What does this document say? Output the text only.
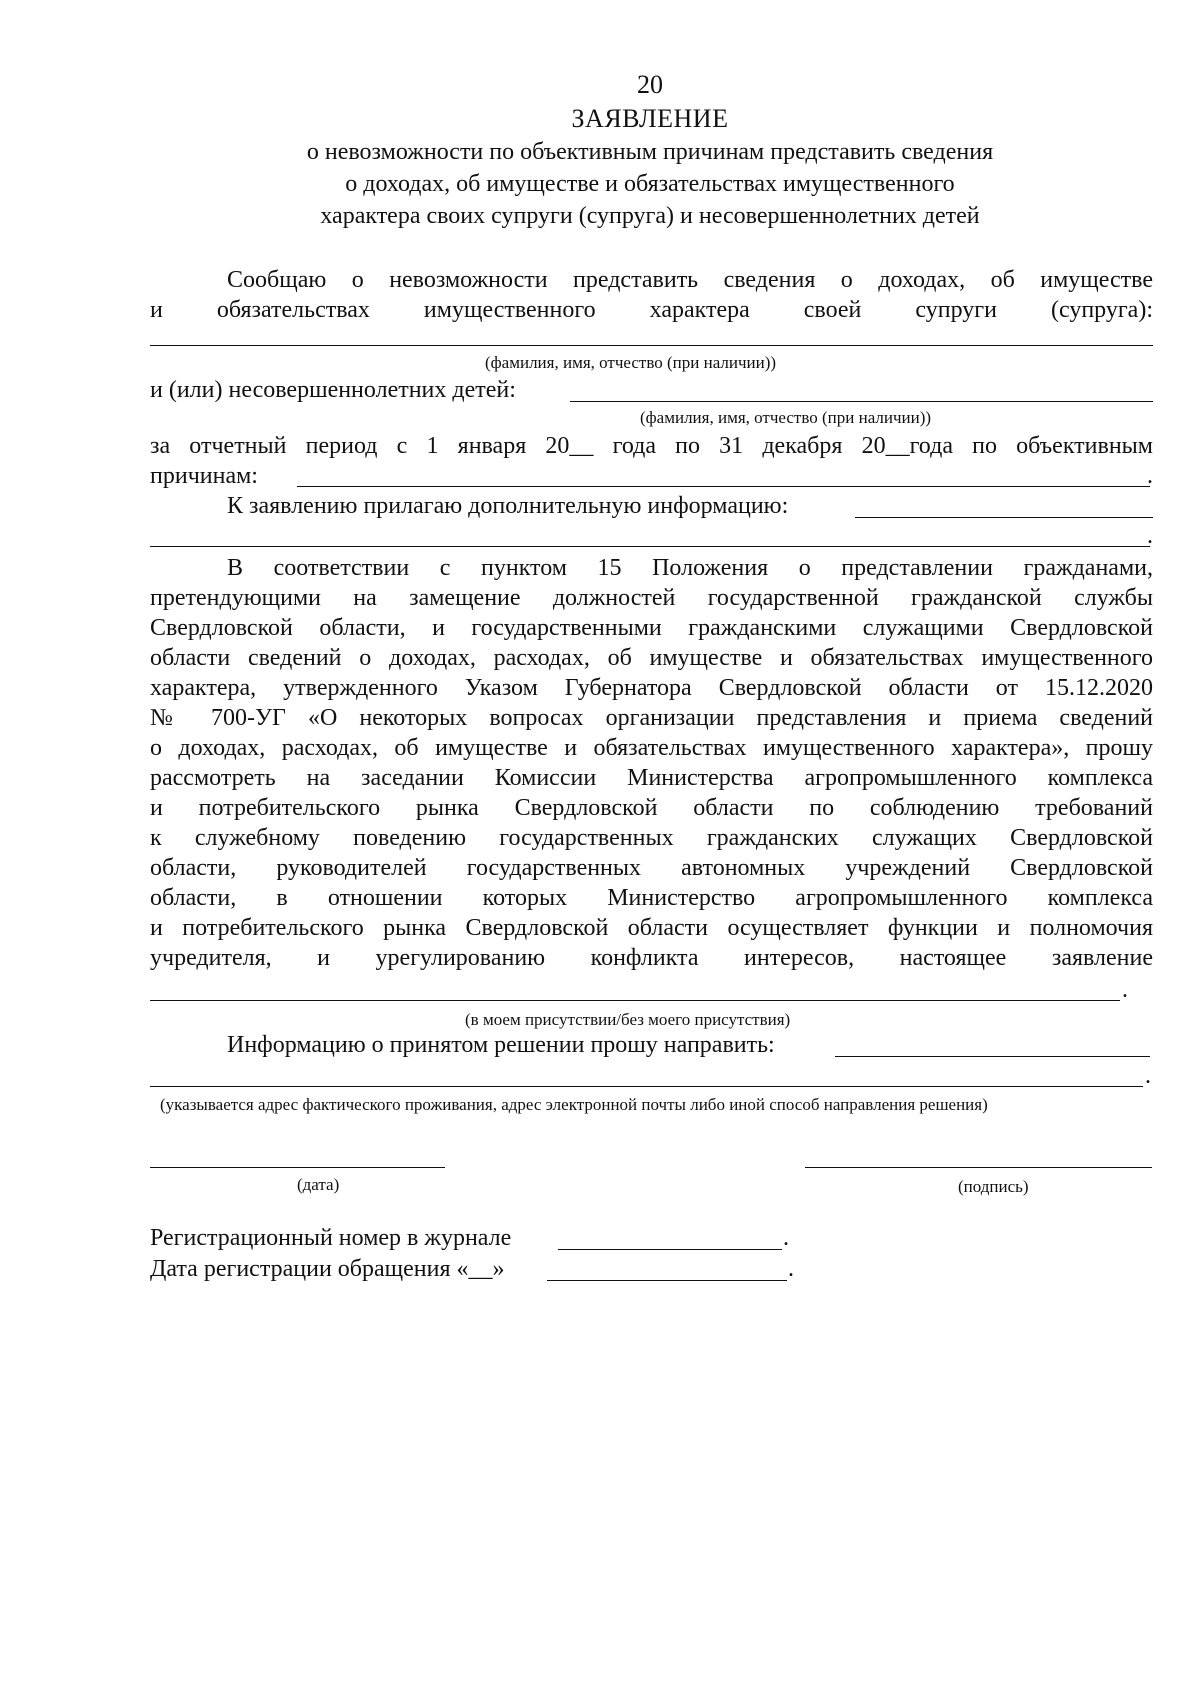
20
ЗАЯВЛЕНИЕ
о невозможности по объективным причинам представить сведения
о доходах, об имуществе и обязательствах имущественного
характера своих супруги (супруга) и несовершеннолетних детей
Сообщаю о невозможности представить сведения о доходах, об имуществе
и обязательствах имущественного характера своей супруги (супруга):
(фамилия, имя, отчество (при наличии))
и (или) несовершеннолетних детей:
(фамилия, имя, отчество (при наличии))
за отчетный период с 1 января 20__ года по 31 декабря 20__года по объективным
причинам:	.
К заявлению прилагаю дополнительную информацию:
.
В соответствии с пунктом 15 Положения о представлении гражданами,
претендующими на замещение должностей государственной гражданской службы
Свердловской области, и государственными гражданскими служащими Свердловской
области сведений о доходах, расходах, об имуществе и обязательствах имущественного
характера, утвержденного Указом Губернатора Свердловской области от 15.12.2020
№ 700-УГ «О некоторых вопросах организации представления и приема сведений
о доходах, расходах, об имуществе и обязательствах имущественного характера», прошу
рассмотреть на заседании Комиссии Министерства агропромышленного комплекса
и потребительского рынка Свердловской области по соблюдению требований
к служебному поведению государственных гражданских служащих Свердловской
области, руководителей государственных автономных учреждений Свердловской
области, в отношении которых Министерство агропромышленного комплекса
и потребительского рынка Свердловской области осуществляет функции и полномочия
учредителя, и урегулированию конфликта интересов, настоящее заявление
.
(в моем присутствии/без моего присутствия)
Информацию о принятом решении прошу направить:
.
(указывается адрес фактического проживания, адрес электронной почты либо иной способ направления решения)
(дата)	(подпись)
Регистрационный номер в журнале	.
Дата регистрации обращения «__»	.
